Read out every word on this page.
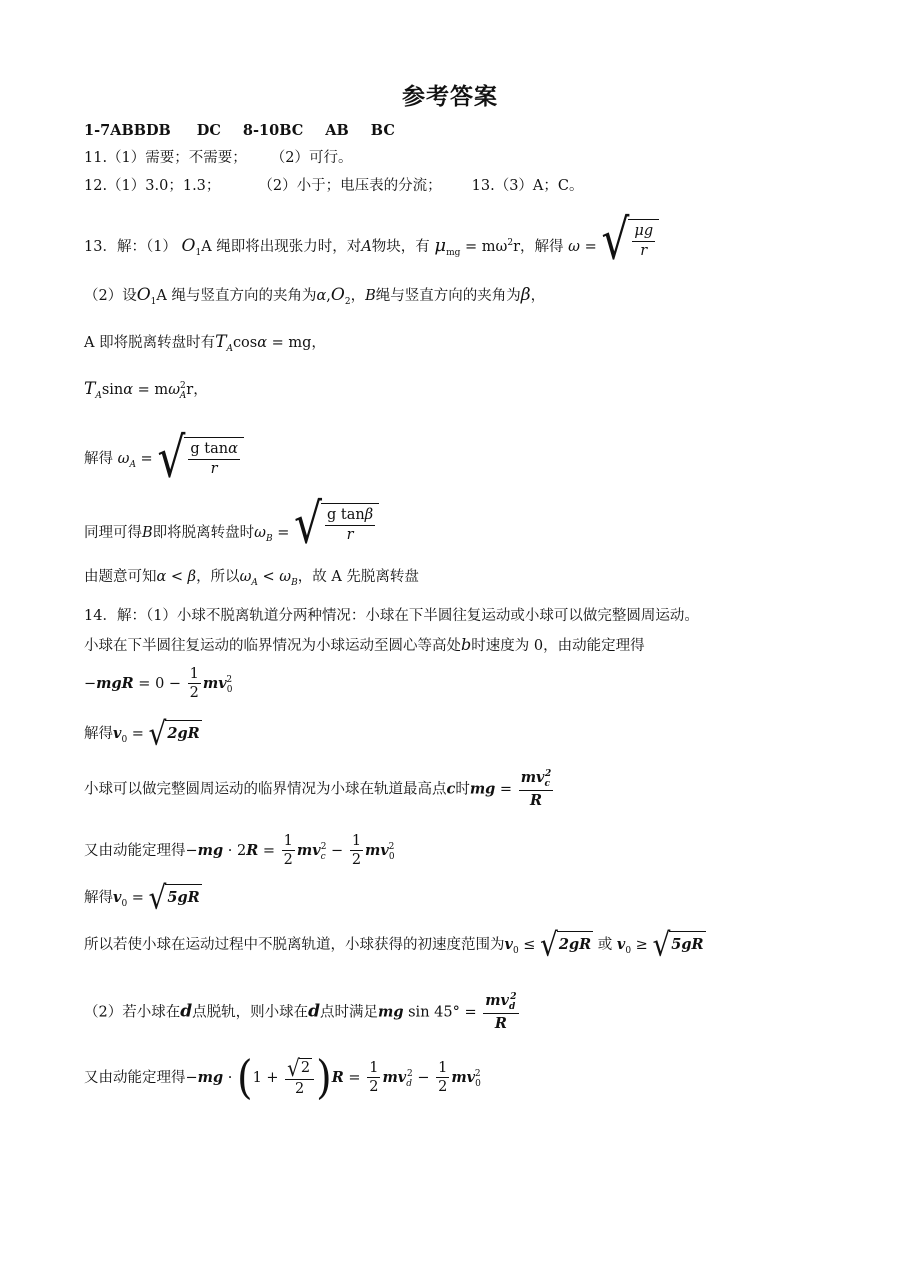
参考答案
1-7ABBDB DC 8-10BC AB BC
11.（1）需要；不需要； （2）可行。
12.（1）3.0；1.3；	（2）小于；电压表的分流； 13.（3）A；C。
13．解：（1） $O_1A$ 绳即将出现张力时，对A物块，有 $\mu_{mg} = m\omega^2r$，解得 ω = √ $\frac{\mu g}{r}$
（2）设$O_1A$ 绳与竖直方向的夹角为$\alpha,O_2$，B绳与竖直方向的夹角为β，
A 即将脱离转盘时有$T_A\cos\alpha$ = mg，
$T_A\sin\alpha = m\omega^2_Ar$，
解得 $\omega_A$ = √ $\frac{\text{g tanα}}{r}$
同理可得B即将脱离转盘时$\omega_B$ = √ $\frac{\text{g tanβ}}{r}$
由题意可知α < β，所以$\omega_A < \omega_B$，故 A 先脱离转盘
14．解：（1）小球不脱离轨道分两种情况：小球在下半圆往复运动或小球可以做完整圆周运动。
小球在下半圆往复运动的临界情况为小球运动至圆心等高处b时速度为 0，由动能定理得
$-mgR = 0 - \frac{1}{2} mv_0^2$
解得$v_0$ = √ 2gR
小球可以做完整圆周运动的临界情况为小球在轨道最高点c时mg = $\frac{mv_c^2}{R}$
又由动能定理得$-mg \cdot 2R = \frac{1}{2} mv_c^2 - \frac{1}{2} mv_0^2$
解得$v_0$ = √ 5gR
所以若使小球在运动过程中不脱离轨道，小球获得的初速度范围为$v_0$ ≤ √ 2gR 或 $v_0$ ≥ √ 5gR
（2）若小球在d点脱轨，则小球在d点时满足mg $\sin 45^\circ = \frac{mv_d^2}{R}$
又由动能定理得$-mg \cdot (1 + \frac{√ 2}{2} )R = \frac{1}{2} mv_d^2 - \frac{1}{2} mv_0^2$
